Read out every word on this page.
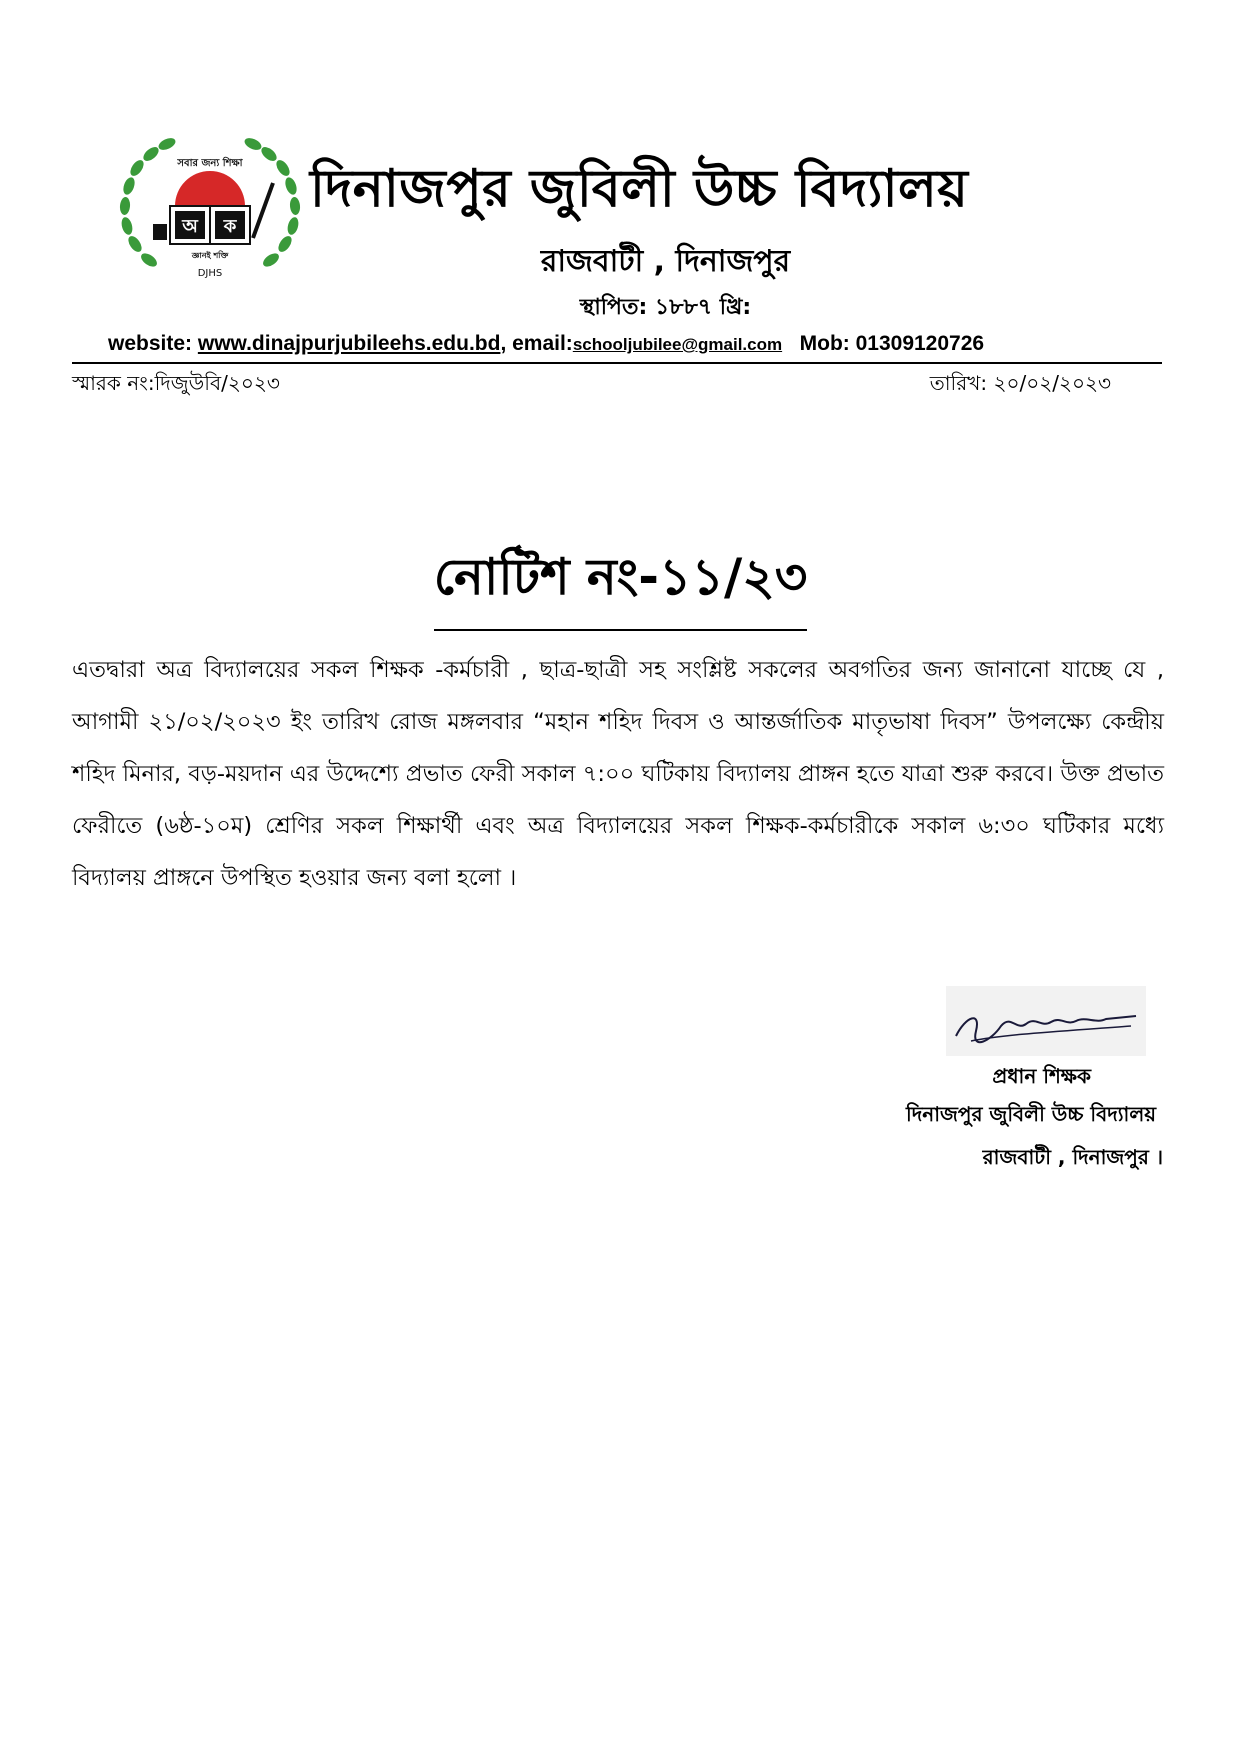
অ ক
সবার জন্য শিক্ষা
জ্ঞানই শক্তি
DJHS
দিনাজপুর জুবিলী উচ্চ বিদ্যালয়
রাজবাটী , দিনাজপুর
স্থাপিত: ১৮৮৭ খ্রি:
website: www.dinajpurjubileehs.edu.bd, email:schooljubilee@gmail.com Mob: 01309120726
স্মারক নং:দিজুউবি/২০২৩	তারিখ: ২০/০২/২০২৩
নোটিশ নং-১১/২৩
এতদ্বারা অত্র বিদ্যালয়ের সকল শিক্ষক -কর্মচারী , ছাত্র-ছাত্রী সহ সংশ্লিষ্ট সকলের অবগতির জন্য জানানো যাচ্ছে যে , আগামী ২১/০২/২০২৩ ইং তারিখ রোজ মঙ্গলবার “মহান শহিদ দিবস ও আন্তর্জাতিক মাতৃভাষা দিবস” উপলক্ষ্যে কেন্দ্রীয় শহিদ মিনার, বড়-ময়দান এর উদ্দেশ্যে প্রভাত ফেরী সকাল ৭:০০ ঘটিকায় বিদ্যালয় প্রাঙ্গন হতে যাত্রা শুরু করবে। উক্ত প্রভাত ফেরীতে (৬ষ্ঠ-১০ম) শ্রেণির সকল শিক্ষার্থী এবং অত্র বিদ্যালয়ের সকল শিক্ষক-কর্মচারীকে সকাল ৬:৩০ ঘটিকার মধ্যে বিদ্যালয় প্রাঙ্গনে উপস্থিত হওয়ার জন্য বলা হলো ।
প্রধান শিক্ষক
দিনাজপুর জুবিলী উচ্চ বিদ্যালয়
রাজবাটী , দিনাজপুর ।
